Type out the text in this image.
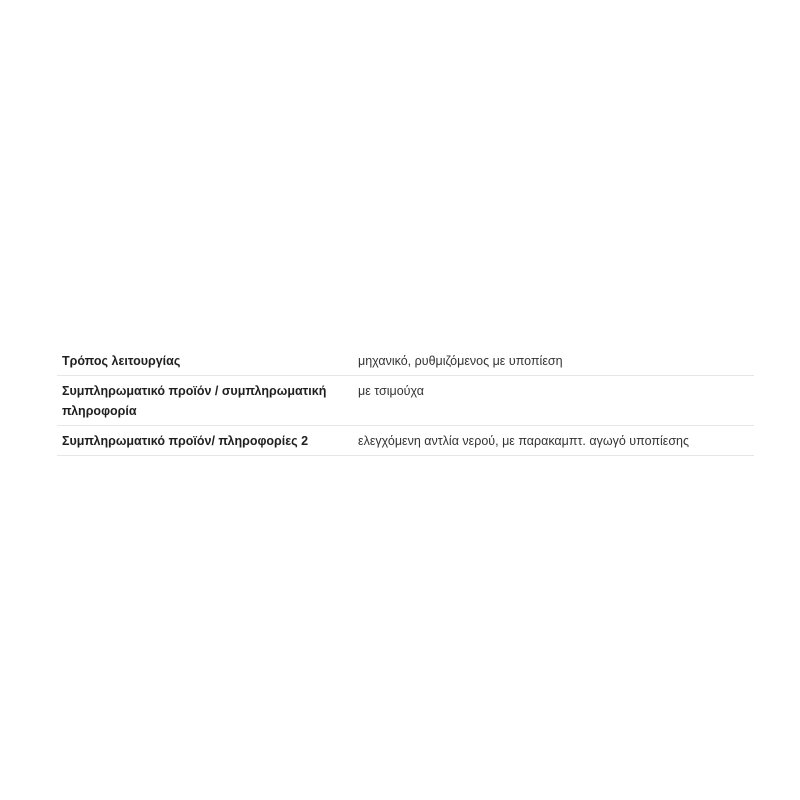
Τρόπος λειτουργίας	μηχανικό, ρυθμιζόμενος με υποπίεση
Συμπληρωματικό προϊόν / συμπληρωματική πληροφορία	με τσιμούχα
Συμπληρωματικό προϊόν/ πληροφορίες 2	ελεγχόμενη αντλία νερού, με παρακαμπτ. αγωγό υποπίεσης
